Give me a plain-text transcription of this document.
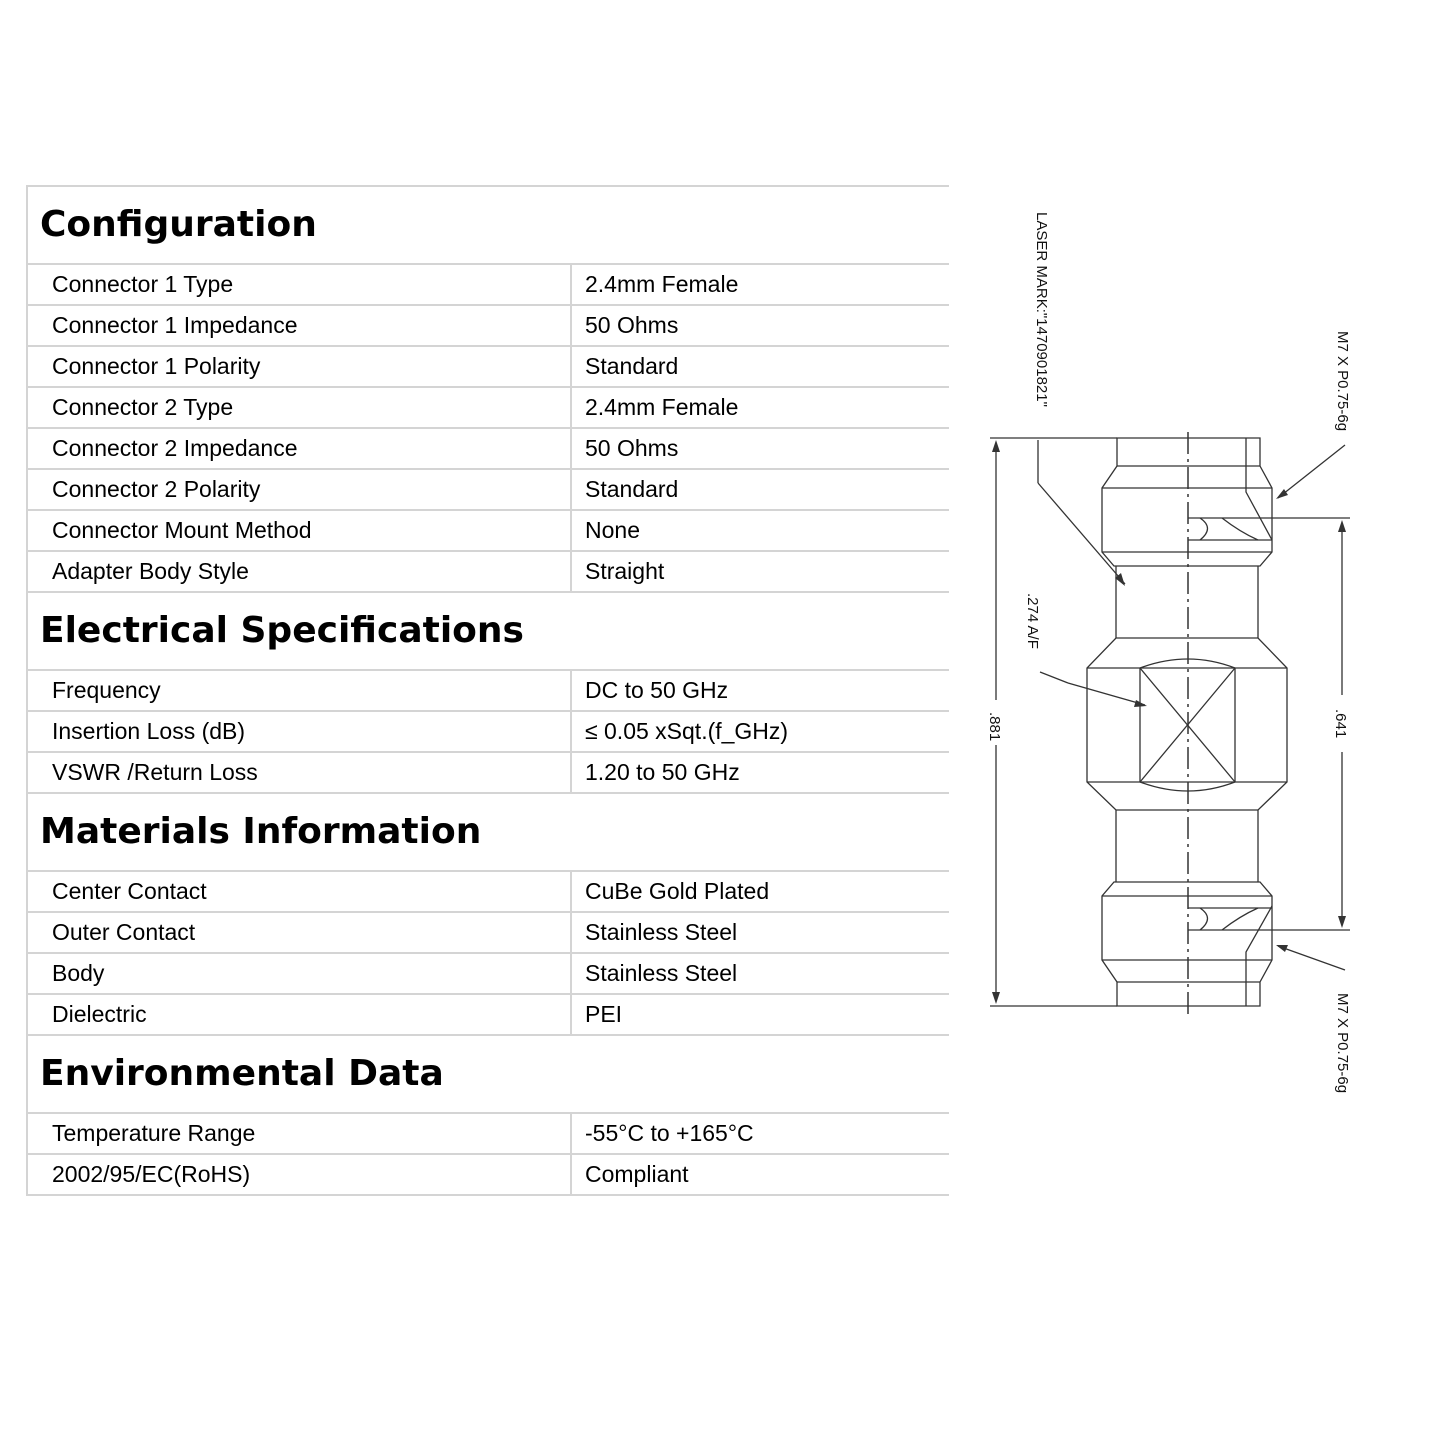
Configuration
Connector 1 Type	2.4mm Female
Connector 1 Impedance	50 Ohms
Connector 1 Polarity	Standard
Connector 2 Type	2.4mm Female
Connector 2 Impedance	50 Ohms
Connector 2 Polarity	Standard
Connector Mount Method	None
Adapter Body Style	Straight
Electrical Specifications
Frequency	DC to 50 GHz
Insertion Loss (dB)	≤ 0.05 xSqt.(f_GHz)
VSWR /Return Loss	1.20 to 50 GHz
Materials Information
Center Contact	CuBe Gold Plated
Outer Contact	Stainless Steel
Body	Stainless Steel
Dielectric	PEI
Environmental Data
Temperature Range	-55°C to +165°C
2002/95/EC(RoHS)	Compliant
LASER MARK:"1470901821"	M7 X P0.75-6g
M7 X P0.75-6g
.274 A/F
.881	.641
